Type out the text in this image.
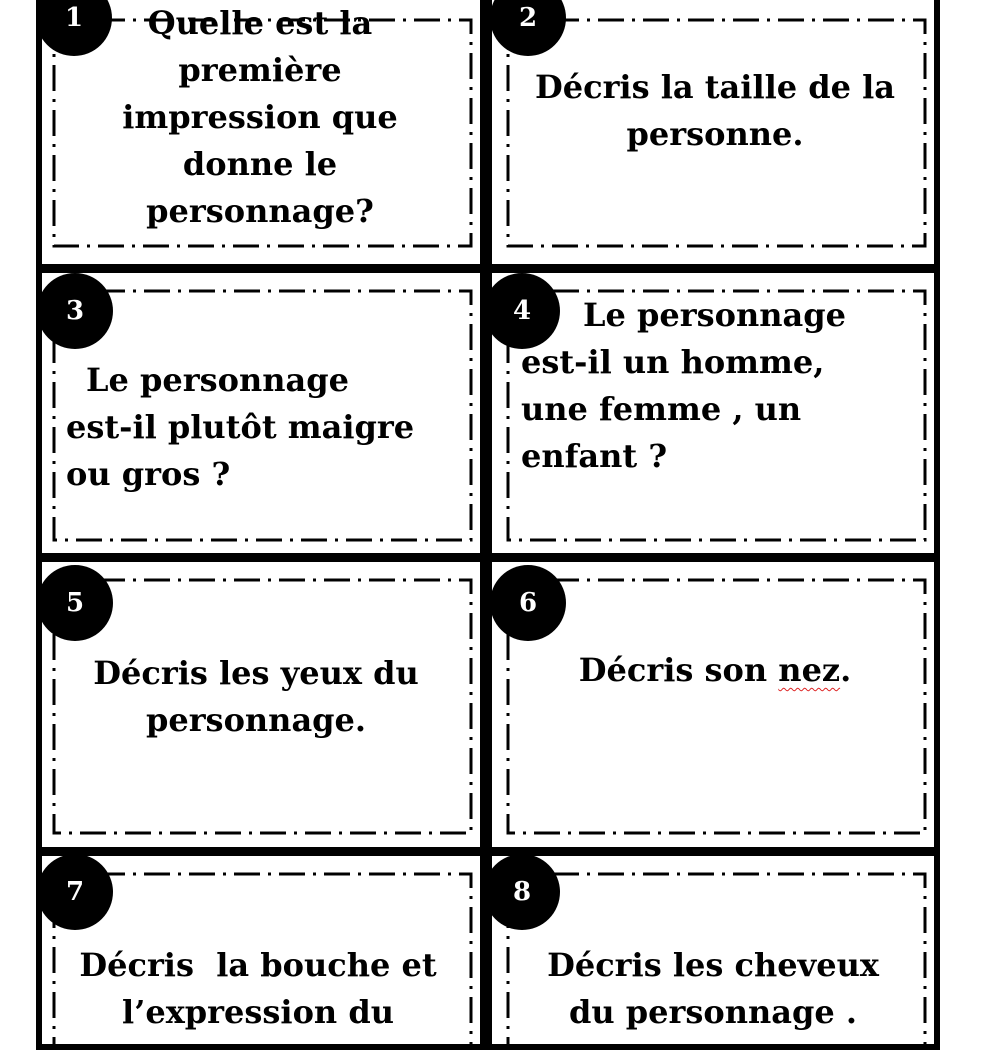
1	Quelle est la
première
impression que
donne le
personnage?
2
Décris la taille de la
personne.
3
Le personnage
est-il plutôt maigre
ou gros ?
4	Le personnage
est-il un homme,
une femme , un
enfant ?
5
Décris les yeux du
personnage.
6
Décris son nez.
7
Décris  la bouche et
l’expression du
8
Décris les cheveux
du personnage .
